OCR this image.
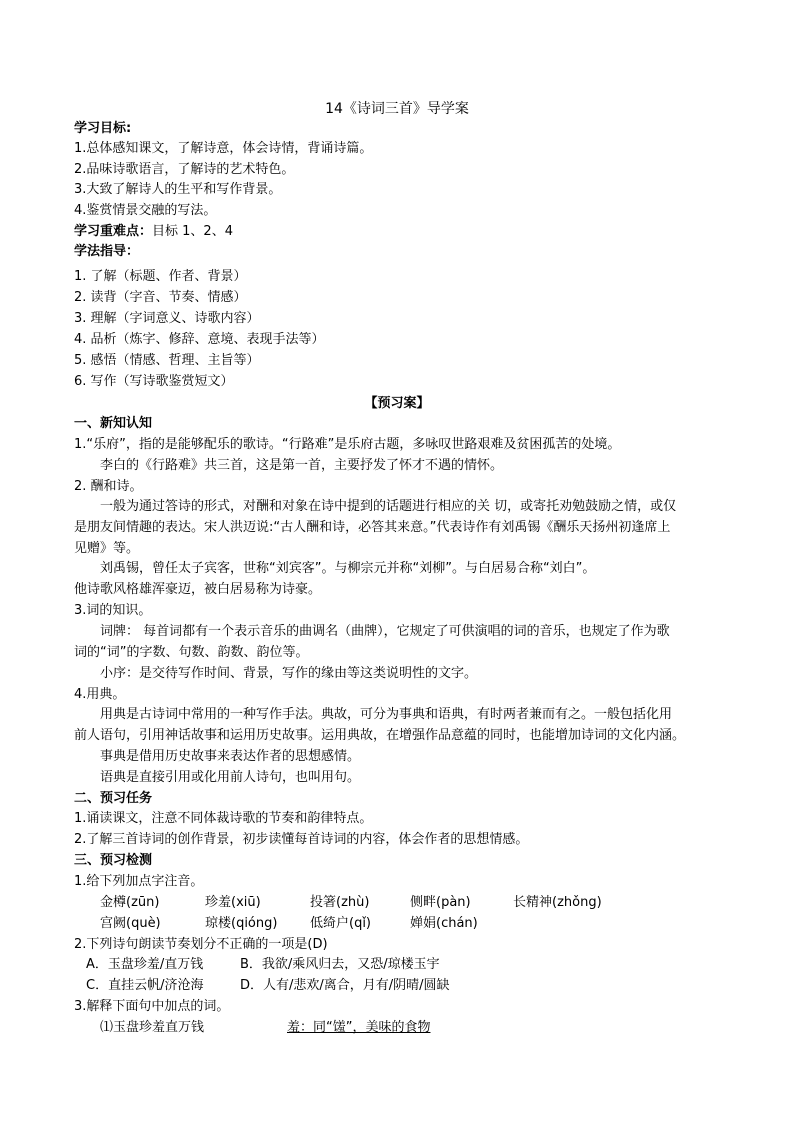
14《诗词三首》导学案

学习目标:

1.总体感知课文，了解诗意，体会诗情，背诵诗篇。

2.品味诗歌语言，了解诗的艺术特色。

3.大致了解诗人的生平和写作背景。

4.鉴赏情景交融的写法。

学习重难点：目标 1、2、4

学法指导：

1. 了解（标题、作者、背景）

2. 读背（字音、节奏、情感）

3. 理解（字词意义、诗歌内容）

4. 品析（炼字、修辞、意境、表现手法等）

5. 感悟（情感、哲理、主旨等）

6. 写作（写诗歌鉴赏短文）

【预习案】

一、新知认知

1.“乐府”，指的是能够配乐的歌诗。“行路难”是乐府古题，多咏叹世路艰难及贫困孤苦的处境。

李白的《行路难》共三首，这是第一首，主要抒发了怀才不遇的情怀。

2. 酬和诗。

一般为通过答诗的形式，对酬和对象在诗中提到的话题进行相应的关 切，或寄托劝勉鼓励之情，或仅

是朋友间情趣的表达。宋人洪迈说:“古人酬和诗，必答其来意。”代表诗作有刘禹锡《酬乐天扬州初逢席上

见赠》等。

刘禹锡，曾任太子宾客，世称“刘宾客”。与柳宗元并称“刘柳”。与白居易合称“刘白”。

他诗歌风格雄浑豪迈，被白居易称为诗豪。

3.词的知识。

词牌： 每首词都有一个表示音乐的曲调名（曲牌），它规定了可供演唱的词的音乐，也规定了作为歌

词的“词”的字数、句数、韵数、韵位等。

小序：是交待写作时间、背景，写作的缘由等这类说明性的文字。

4.用典。

用典是古诗词中常用的一种写作手法。典故，可分为事典和语典，有时两者兼而有之。一般包括化用

前人语句，引用神话故事和运用历史故事。运用典故，在增强作品意蕴的同时，也能增加诗词的文化内涵。

事典是借用历史故事来表达作者的思想感情。

语典是直接引用或化用前人诗句，也叫用句。

二、预习任务

1.诵读课文，注意不同体裁诗歌的节奏和韵律特点。

2.了解三首诗词的创作背景，初步读懂每首诗词的内容，体会作者的思想情感。

三、预习检测

1.给下列加点字注音。

金樽(zūn)	珍羞(xiū)	投箸(zhù)	侧畔(pàn)	长精神(zhǒng)
宫阙(què)	琼楼(qióng)	低绮户(qǐ)	婵娟(chán)

2.下列诗句朗读节奏划分不正确的一项是(D)

A．玉盘珍羞/直万钱	B．我欲/乘风归去，又恐/琼楼玉宇
C．直挂云帆/济沧海	D．人有/悲欢/离合，月有/阴晴/圆缺

3.解释下面句中加点的词。

⑴玉盘珍羞直万钱	羞：同“馐”，美味的食物
